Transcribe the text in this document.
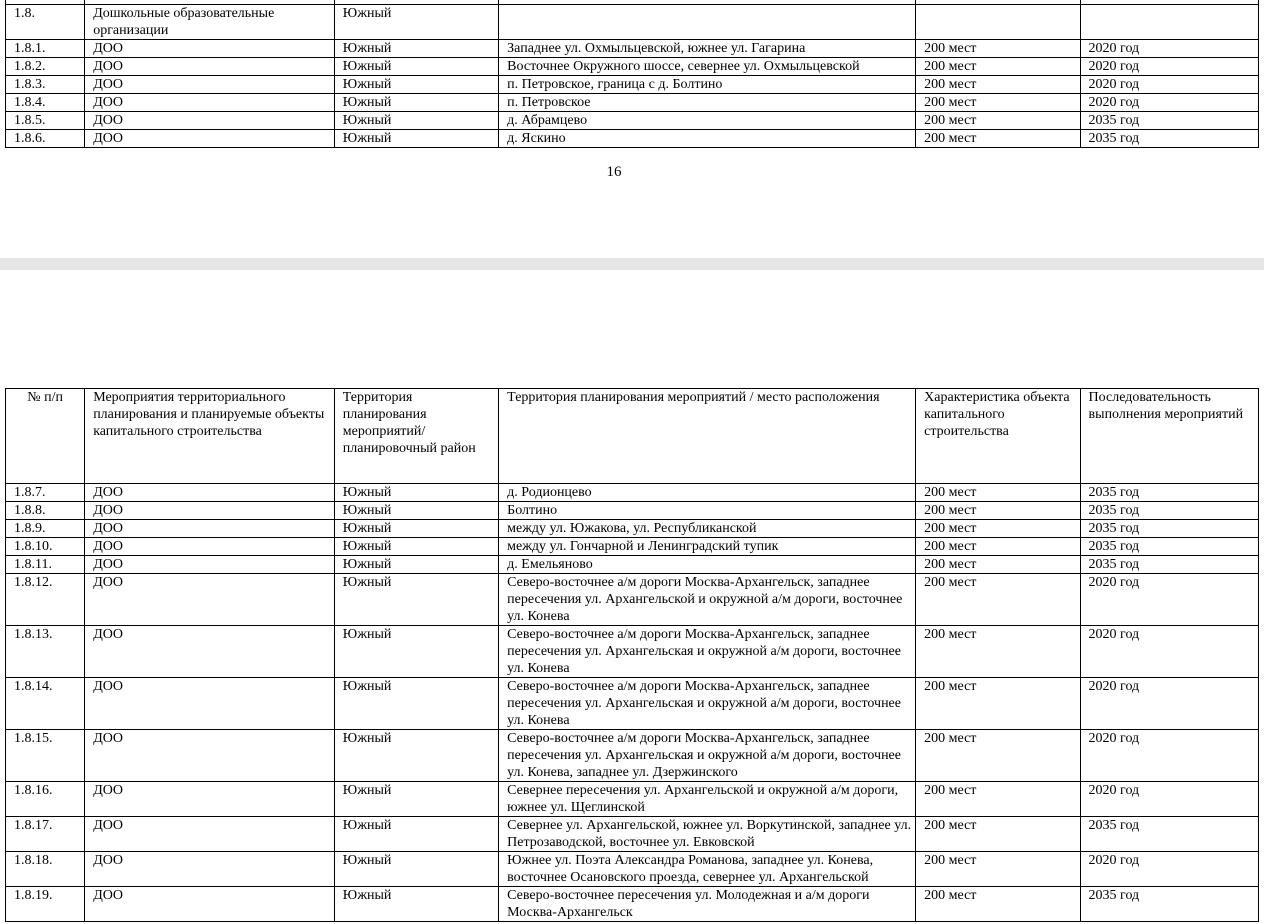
1.8.	Дошкольные образовательные организации	Южный			
1.8.1.	ДОО	Южный	Западнее ул. Охмыльцевской, южнее ул. Гагарина	200 мест	2020 год
1.8.2.	ДОО	Южный	Восточнее Окружного шоссе, севернее ул. Охмыльцевской	200 мест	2020 год
1.8.3.	ДОО	Южный	п. Петровское, граница с д. Болтино	200 мест	2020 год
1.8.4.	ДОО	Южный	п. Петровское	200 мест	2020 год
1.8.5.	ДОО	Южный	д. Абрамцево	200 мест	2035 год
1.8.6.	ДОО	Южный	д. Яскино	200 мест	2035 год
16
№ п/п	Мероприятия территориального планирования и планируемые объекты капитального строительства	Территория планирования мероприятий/ планировочный район	Территория планирования мероприятий / место расположения	Характеристика объекта капитального строительства	Последовательность выполнения мероприятий
1.8.7.	ДОО	Южный	д. Родионцево	200 мест	2035 год
1.8.8.	ДОО	Южный	Болтино	200 мест	2035 год
1.8.9.	ДОО	Южный	между ул. Южакова, ул. Республиканской	200 мест	2035 год
1.8.10.	ДОО	Южный	между ул. Гончарной и Ленинградский тупик	200 мест	2035 год
1.8.11.	ДОО	Южный	д. Емельяново	200 мест	2035 год
1.8.12.	ДОО	Южный	Северо-восточнее а/м дороги Москва-Архангельск, западнее пересечения ул. Архангельской и окружной а/м дороги, восточнее ул. Конева	200 мест	2020 год
1.8.13.	ДОО	Южный	Северо-восточнее а/м дороги Москва-Архангельск, западнее пересечения ул. Архангельская и окружной а/м дороги, восточнее ул. Конева	200 мест	2020 год
1.8.14.	ДОО	Южный	Северо-восточнее а/м дороги Москва-Архангельск, западнее пересечения ул. Архангельская и окружной а/м дороги, восточнее ул. Конева	200 мест	2020 год
1.8.15.	ДОО	Южный	Северо-восточнее а/м дороги Москва-Архангельск, западнее пересечения ул. Архангельская и окружной а/м дороги, восточнее ул. Конева, западнее ул. Дзержинского	200 мест	2020 год
1.8.16.	ДОО	Южный	Севернее пересечения ул. Архангельской и окружной а/м дороги, южнее ул. Щеглинской	200 мест	2020 год
1.8.17.	ДОО	Южный	Севернее ул. Архангельской, южнее ул. Воркутинской, западнее ул. Петрозаводской, восточнее ул. Евковской	200 мест	2035 год
1.8.18.	ДОО	Южный	Южнее ул. Поэта Александра Романова, западнее ул. Конева, восточнее Осановского проезда, севернее ул. Архангельской	200 мест	2020 год
1.8.19.	ДОО	Южный	Северо-восточнее пересечения ул. Молодежная и а/м дороги Москва-Архангельск	200 мест	2035 год
